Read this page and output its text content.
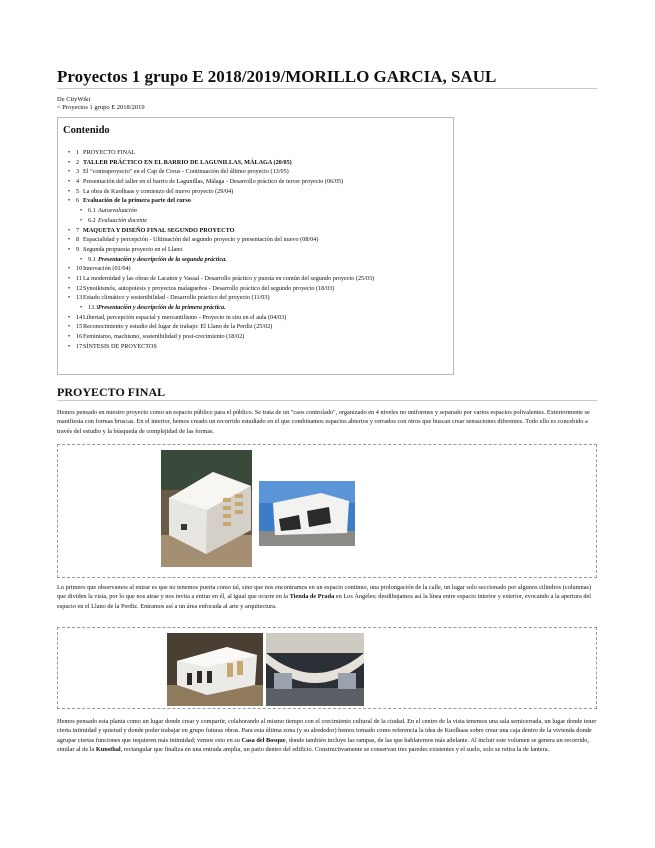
Proyectos 1 grupo E 2018/2019/MORILLO GARCIA, SAUL
De CityWiki
< Proyectos 1 grupo E 2018/2019
Contenido
• 1 PROYECTO FINAL
• 2 TALLER PRÁCTICO EN EL BARRIO DE LAGUNILLAS, MÁLAGA (20/05)
• 3 El "contraproyecto" en el Cap de Creus - Continuación del último proyecto (13/05)
• 4 Presentación del taller en el barrio de Lagunillas, Málaga - Desarrollo práctico de tercer proyecto (06/05)
• 5 La obra de Kuolhaas y comienzo del nuevo proyecto (29/04)
• 6 Evaluación de la primera parte del curso
• 6.1 Autoevaluación
• 6.2 Evaluación docente
• 7 MAQUETA Y DISEÑO FINAL SEGUNDO PROYECTO
• 8 Espacialidad y percepción - Ultimación del segundo proyecto y presentación del nuevo (08/04)
• 9 Segunda propuesta proyecto en el Llano
• 9.1 Presentación y descripción de la segunda práctica.
• 10 Innovación (01/04)
• 11 La modernidad y las obras de Lacaton y Vassal - Desarrollo práctico y puesta en común del segundo proyecto (25/03)
• 12 Synoikismós, autopoiesis y proyectos malagueños - Desarrollo práctico del segundo proyecto (18/03)
• 13 Estado climático y sostenibilidad - Desarrollo práctico del proyecto (11/03)
• 13.1 Presentación y descripción de la primera práctica.
• 14 Libertad, percepción espacial y mercantilismo - Proyecto in situ en el aula (04/03)
• 15 Reconocimiento y estudio del lugar de trabajo: El Llano de la Perdiz (25/02)
• 16 Feminismo, machismo, sostenibilidad y post-crecimiento (18/02)
• 17 SÍNTESIS DE PROYECTOS
PROYECTO FINAL

Hemos pensado en nuestro proyecto como un espacio público para el público. Se trata de un "caos controlado", organizado en 4 niveles no uniformes y separado por varios espacios polivalentes. Exteriormente se manifiesta con formas bruscas. En el interior, hemos creado un recorrido estudiado en el que combinamos espacios abiertos y cerrados con otros que buscan crear sensaciones diferentes. Todo ello es concebido a través del estudio y la búsqueda de complejidad de las formas.

Lo primero que observamos al entrar es que no tenemos puerta como tal, sino que nos encontramos en un espacio continuo, una prolongación de la calle, un lugar solo seccionado por algunos cilindros (columnas) que dividen la vista, por lo que nos atrae y nos invita a entrar en él, al igual que ocurre en la Tienda de Prada en Los Ángeles; desdibujamos así la línea entre espacio interior y exterior, evocando a la apertura del espacio en el Llano de la Perdiz. Entramos así a un área enfocada al arte y arquitectura.

Hemos pensado esta planta como un lugar donde crear y compartir, colaborando al mismo tiempo con el crecimiento cultural de la ciudad. En el centro de la vista tenemos una sala semicerrada, un lugar donde tener cierta intimidad y quietud y donde poder trabajar en grupo futuras obras. Para esta última zona (y su alrededor) hemos tomado como referencia la idea de Kuolhaas sobre crear una caja dentro de la vivienda donde agrupar ciertas funciones que requieren más intimidad; vemos esto en su Casa del Bosque, donde también incluye las rampas, de las que hablaremos más adelante. Al incluir este volumen se genera un recorrido, similar al de la Kunsthal, rectangular que finaliza en una entrada amplia, un patio dentro del edificio. Constructivamente se conservan tres paredes existentes y el suelo, solo se retira la de lantera.
